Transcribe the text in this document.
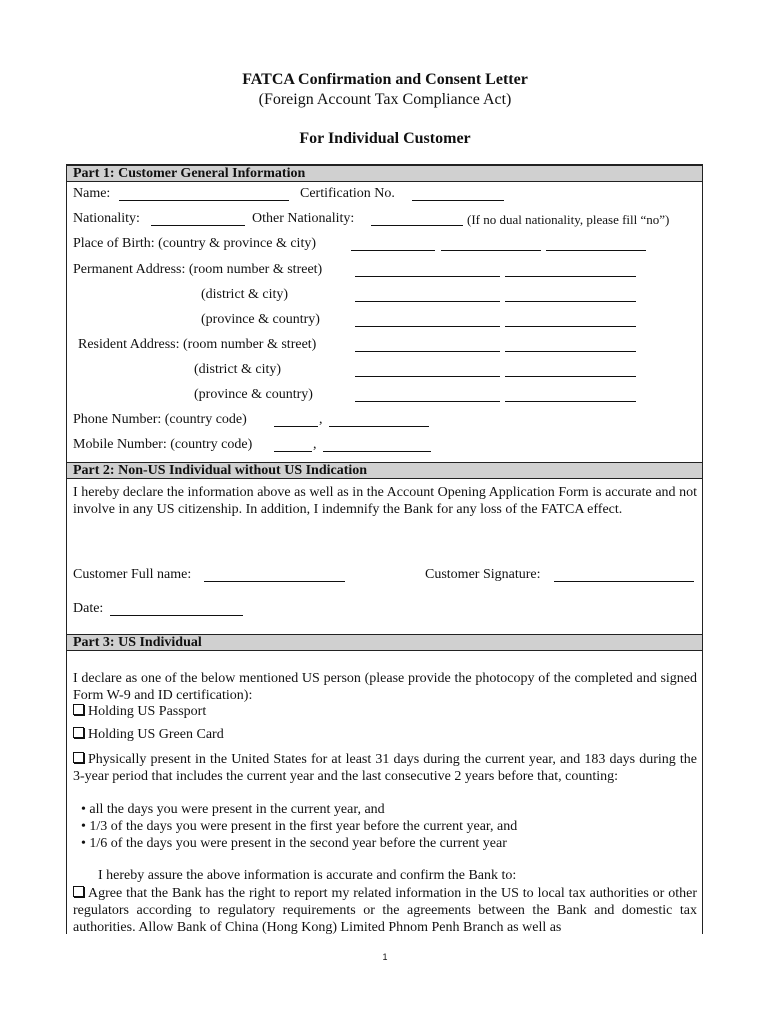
FATCA Confirmation and Consent Letter
(Foreign Account Tax Compliance Act)
For Individual Customer
Part 1: Customer General Information
Name:	Certification No.
Nationality:	Other Nationality:	(If no dual nationality, please fill “no”)
Place of Birth: (country & province & city)
Permanent Address: (room number & street)
(district & city)
(province & country)
Resident Address: (room number & street)
(district & city)
(province & country)
Phone Number: (country code)	,
Mobile Number: (country code)	,
Part 2: Non-US Individual without US Indication
I hereby declare the information above as well as in the Account Opening Application Form is accurate and not involve in any US citizenship. In addition, I indemnify the Bank for any loss of the FATCA effect.
Customer Full name:	Customer Signature:
Date:
Part 3: US Individual
I declare as one of the below mentioned US person (please provide the photocopy of the completed and signed Form W-9 and ID certification):
Holding US Passport
Holding US Green Card
Physically present in the United States for at least 31 days during the current year, and 183 days during the 3-year period that includes the current year and the last consecutive 2 years before that, counting:
• all the days you were present in the current year, and
• 1/3 of the days you were present in the first year before the current year, and
• 1/6 of the days you were present in the second year before the current year
I hereby assure the above information is accurate and confirm the Bank to:
Agree that the Bank has the right to report my related information in the US to local tax authorities or other regulators according to regulatory requirements or the agreements between the Bank and domestic tax authorities. Allow Bank of China (Hong Kong) Limited Phnom Penh Branch as well as
1
